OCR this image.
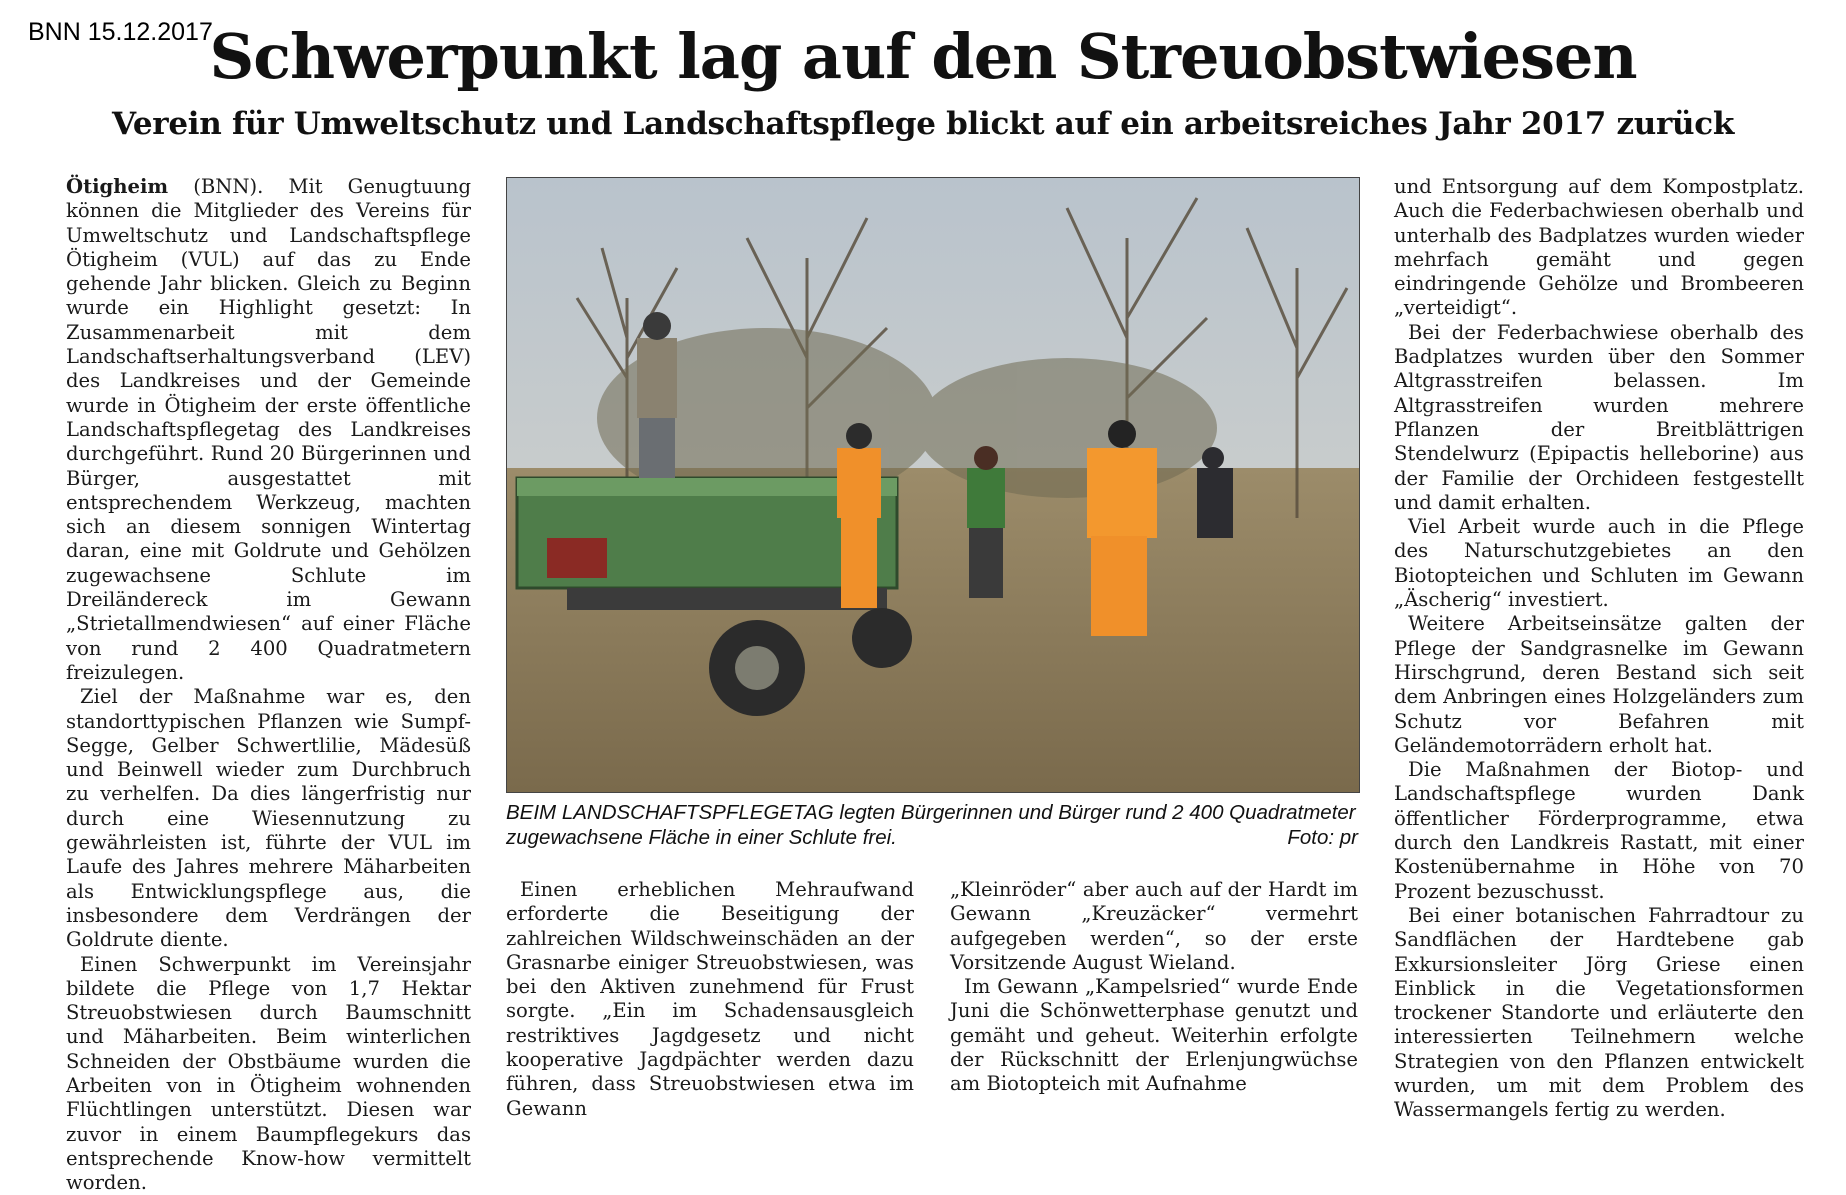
BNN 15.12.2017
Schwerpunkt lag auf den Streuobstwiesen
Verein für Umweltschutz und Landschaftspflege blickt auf ein arbeitsreiches Jahr 2017 zurück

Ötigheim (BNN). Mit Genugtuung können die Mitglieder des Vereins für Umweltschutz und Landschaftspflege Ötigheim (VUL) auf das zu Ende gehende Jahr blicken. Gleich zu Beginn wurde ein Highlight gesetzt: In Zusammenarbeit mit dem Landschaftserhaltungsverband (LEV) des Landkreises und der Gemeinde wurde in Ötigheim der erste öffentliche Landschaftspflegetag des Landkreises durchgeführt. Rund 20 Bürgerinnen und Bürger, ausgestattet mit entsprechendem Werkzeug, machten sich an diesem sonnigen Wintertag daran, eine mit Goldrute und Gehölzen zugewachsene Schlute im Dreiländereck im Gewann „Strietallmendwiesen“ auf einer Fläche von rund 2 400 Quadratmetern freizulegen.

Ziel der Maßnahme war es, den standorttypischen Pflanzen wie Sumpf-Segge, Gelber Schwertlilie, Mädesüß und Beinwell wieder zum Durchbruch zu verhelfen. Da dies längerfristig nur durch eine Wiesennutzung zu gewährleisten ist, führte der VUL im Laufe des Jahres mehrere Mäharbeiten als Entwicklungspflege aus, die insbesondere dem Verdrängen der Goldrute diente.

Einen Schwerpunkt im Vereinsjahr bildete die Pflege von 1,7 Hektar Streuobstwiesen durch Baumschnitt und Mäharbeiten. Beim winterlichen Schneiden der Obstbäume wurden die Arbeiten von in Ötigheim wohnenden Flüchtlingen unterstützt. Diesen war zuvor in einem Baumpflegekurs das entsprechende Know-how vermittelt worden.

BEIM LANDSCHAFTSPFLEGETAG legten Bürgerinnen und Bürger rund 2 400 Quadratmeter zugewachsene Fläche in einer Schlute frei.	Foto: pr

Einen erheblichen Mehraufwand erforderte die Beseitigung der zahlreichen Wildschweinschäden an der Grasnarbe einiger Streuobstwiesen, was bei den Aktiven zunehmend für Frust sorgte. „Ein im Schadensausgleich restriktives Jagdgesetz und nicht kooperative Jagdpächter werden dazu führen, dass Streuobstwiesen etwa im Gewann

„Kleinröder“ aber auch auf der Hardt im Gewann „Kreuzäcker“ vermehrt aufgegeben werden“, so der erste Vorsitzende August Wieland.

Im Gewann „Kampelsried“ wurde Ende Juni die Schönwetterphase genutzt und gemäht und geheut. Weiterhin erfolgte der Rückschnitt der Erlenjungwüchse am Biotopteich mit Aufnahme

und Entsorgung auf dem Kompostplatz. Auch die Federbachwiesen oberhalb und unterhalb des Badplatzes wurden wieder mehrfach gemäht und gegen eindringende Gehölze und Brombeeren „verteidigt“.

Bei der Federbachwiese oberhalb des Badplatzes wurden über den Sommer Altgrasstreifen belassen. Im Altgrasstreifen wurden mehrere Pflanzen der Breitblättrigen Stendelwurz (Epipactis helleborine) aus der Familie der Orchideen festgestellt und damit erhalten.

Viel Arbeit wurde auch in die Pflege des Naturschutzgebietes an den Biotopteichen und Schluten im Gewann „Äscherig“ investiert.

Weitere Arbeitseinsätze galten der Pflege der Sandgrasnelke im Gewann Hirschgrund, deren Bestand sich seit dem Anbringen eines Holzgeländers zum Schutz vor Befahren mit Geländemotorrädern erholt hat.

Die Maßnahmen der Biotop- und Landschaftspflege wurden Dank öffentlicher Förderprogramme, etwa durch den Landkreis Rastatt, mit einer Kostenübernahme in Höhe von 70 Prozent bezuschusst.

Bei einer botanischen Fahrradtour zu Sandflächen der Hardtebene gab Exkursionsleiter Jörg Griese einen Einblick in die Vegetationsformen trockener Standorte und erläuterte den interessierten Teilnehmern welche Strategien von den Pflanzen entwickelt wurden, um mit dem Problem des Wassermangels fertig zu werden.
